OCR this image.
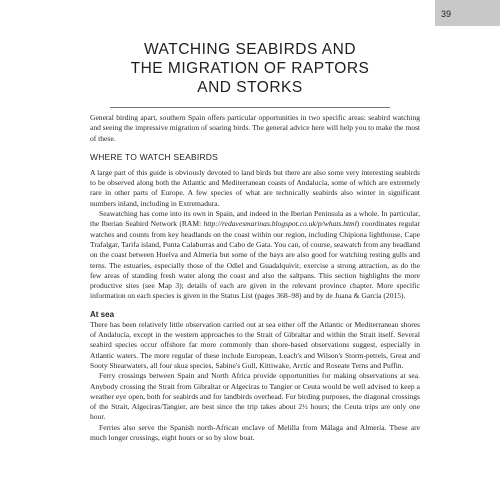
39
WATCHING SEABIRDS AND
THE MIGRATION OF RAPTORS
AND STORKS

General birding apart, southern Spain offers particular opportunities in two specific areas: seabird watching and seeing the impressive migration of soaring birds. The general advice here will help you to make the most of these.

WHERE TO WATCH SEABIRDS

A large part of this guide is obviously devoted to land birds but there are also some very interesting seabirds to be observed along both the Atlantic and Mediterranean coasts of Andalucía, some of which are extremely rare in other parts of Europe. A few species of what are technically seabirds also winter in significant numbers inland, including in Extremadura.

Seawatching has come into its own in Spain, and indeed in the Iberian Peninsula as a whole. In particular, the Iberian Seabird Network (RAM: http://redavesmarinas.blogspot.co.uk/p/whats.html) coordinates regular watches and counts from key headlands on the coast within our region, including Chipiona lighthouse, Cape Trafalgar, Tarifa island, Punta Calaburras and Cabo de Gata. You can, of course, seawatch from any headland on the coast between Huelva and Almería but some of the bays are also good for watching resting gulls and terns. The estuaries, especially those of the Odiel and Guadalquivir, exercise a strong attraction, as do the few areas of standing fresh water along the coast and also the saltpans. This section highlights the more productive sites (see Map 3); details of each are given in the relevant province chapter. More specific information on each species is given in the Status List (pages 368–98) and by de Juana & García (2015).

At sea

There has been relatively little observation carried out at sea either off the Atlantic or Mediterranean shores of Andalucía, except in the western approaches to the Strait of Gibraltar and within the Strait itself. Several seabird species occur offshore far more commonly than shore-based observations suggest, especially in Atlantic waters. The more regular of these include European, Leach's and Wilson's Storm-petrels, Great and Sooty Shearwaters, all four skua species, Sabine's Gull, Kittiwake, Arctic and Roseate Terns and Puffin.

Ferry crossings between Spain and North Africa provide opportunities for making observations at sea. Anybody crossing the Strait from Gibraltar or Algeciras to Tangier or Ceuta would be well advised to keep a weather eye open, both for seabirds and for landbirds overhead. For birding purposes, the diagonal crossings of the Strait, Algeciras/Tangier, are best since the trip takes about 2½ hours; the Ceuta trips are only one hour.

Ferries also serve the Spanish north-African enclave of Melilla from Málaga and Almería. These are much longer crossings, eight hours or so by slow boat.
